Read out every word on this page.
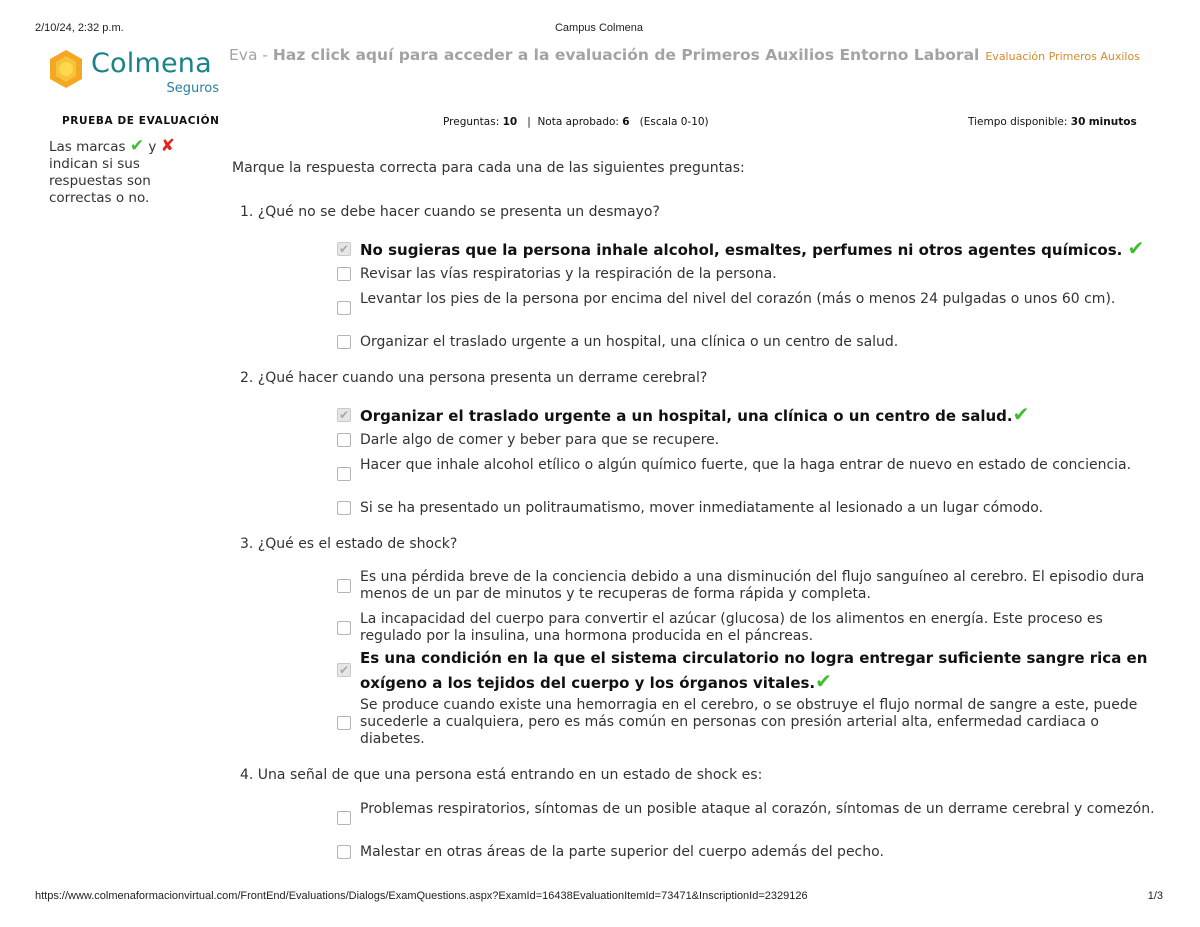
2/10/24, 2:32 p.m.	Campus Colmena
Colmena
Seguros
Eva - Haz click aquí para acceder a la evaluación de Primeros Auxilios Entorno Laboral Evaluación Primeros Auxilos
PRUEBA DE EVALUACIÓN	Preguntas: 10   |  Nota aprobado: 6 (Escala 0-10)	Tiempo disponible: 30 minutos
Las marcas ✔ y ✘ indican si sus respuestas son correctas o no.
Marque la respuesta correcta para cada una de las siguientes preguntas:
1. ¿Qué no se debe hacer cuando se presenta un desmayo?
✔
No sugieras que la persona inhale alcohol, esmaltes, perfumes ni otros agentes químicos. ✔
Revisar las vías respiratorias y la respiración de la persona.
Levantar los pies de la persona por encima del nivel del corazón (más o menos 24 pulgadas o unos 60 cm).
Organizar el traslado urgente a un hospital, una clínica o un centro de salud.
2. ¿Qué hacer cuando una persona presenta un derrame cerebral?
✔
Organizar el traslado urgente a un hospital, una clínica o un centro de salud.✔
Darle algo de comer y beber para que se recupere.
Hacer que inhale alcohol etílico o algún químico fuerte, que la haga entrar de nuevo en estado de conciencia.
Si se ha presentado un politraumatismo, mover inmediatamente al lesionado a un lugar cómodo.
3. ¿Qué es el estado de shock?
Es una pérdida breve de la conciencia debido a una disminución del flujo sanguíneo al cerebro. El episodio dura menos de un par de minutos y te recuperas de forma rápida y completa.
La incapacidad del cuerpo para convertir el azúcar (glucosa) de los alimentos en energía. Este proceso es regulado por la insulina, una hormona producida en el páncreas.
✔
Es una condición en la que el sistema circulatorio no logra entregar suficiente sangre rica en oxígeno a los tejidos del cuerpo y los órganos vitales.✔
Se produce cuando existe una hemorragia en el cerebro, o se obstruye el flujo normal de sangre a este, puede sucederle a cualquiera, pero es más común en personas con presión arterial alta, enfermedad cardiaca o diabetes.
4. Una señal de que una persona está entrando en un estado de shock es:
Problemas respiratorios, síntomas de un posible ataque al corazón, síntomas de un derrame cerebral y comezón.
Malestar en otras áreas de la parte superior del cuerpo además del pecho.
https://www.colmenaformacionvirtual.com/FrontEnd/Evaluations/Dialogs/ExamQuestions.aspx?ExamId=16438EvaluationItemId=73471&InscriptionId=2329126	1/3
